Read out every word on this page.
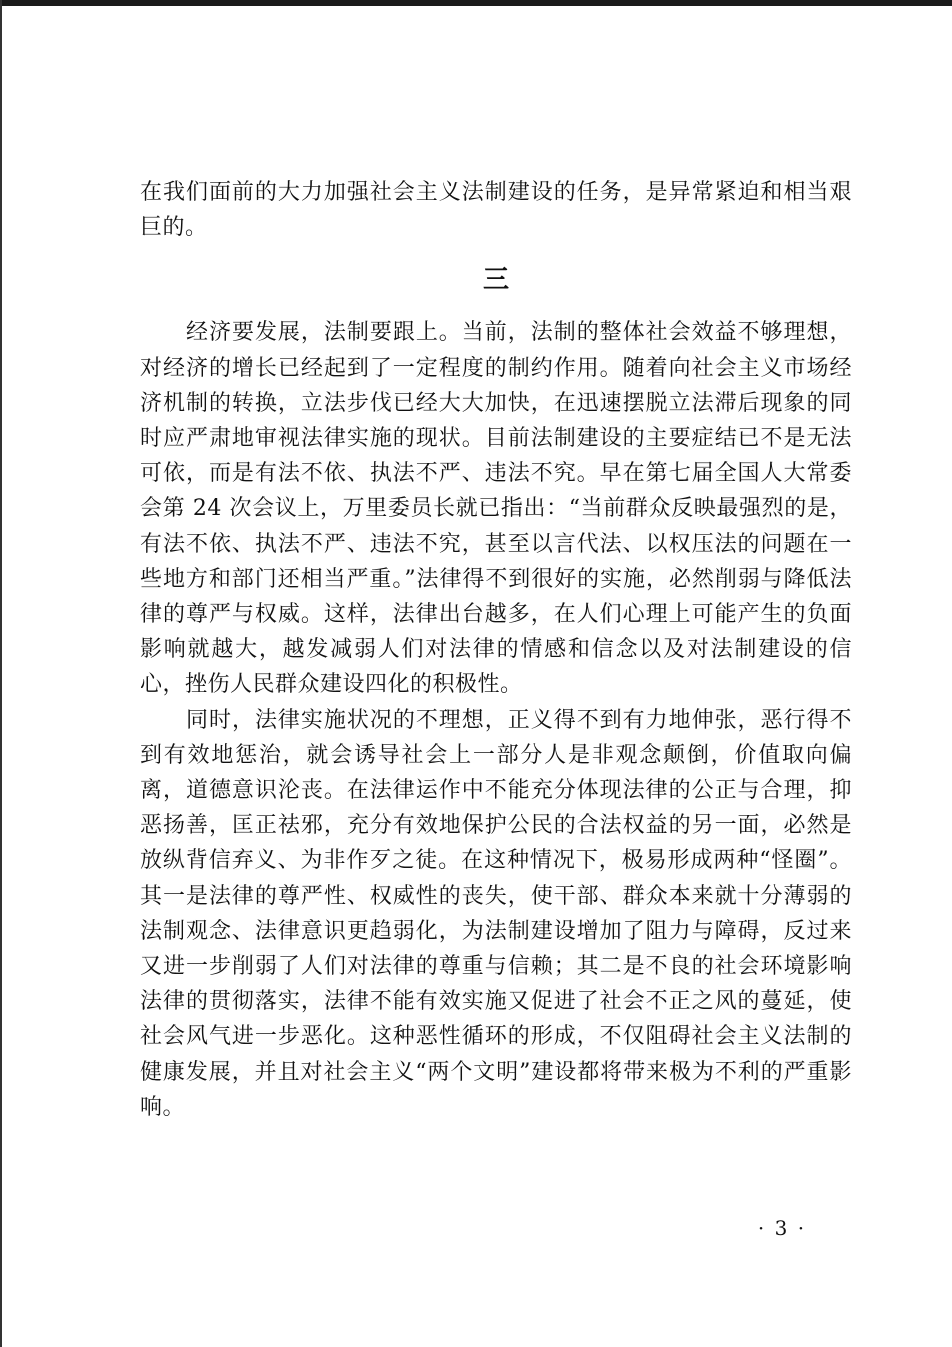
在我们面前的大力加强社会主义法制建设的任务，是异常紧迫和相当艰巨的。

三

经济要发展，法制要跟上。当前，法制的整体社会效益不够理想，对经济的增长已经起到了一定程度的制约作用。随着向社会主义市场经济机制的转换，立法步伐已经大大加快，在迅速摆脱立法滞后现象的同时应严肃地审视法律实施的现状。目前法制建设的主要症结已不是无法可依，而是有法不依、执法不严、违法不究。早在第七届全国人大常委会第 24 次会议上，万里委员长就已指出：“当前群众反映最强烈的是，有法不依、执法不严、违法不究，甚至以言代法、以权压法的问题在一些地方和部门还相当严重。”法律得不到很好的实施，必然削弱与降低法律的尊严与权威。这样，法律出台越多，在人们心理上可能产生的负面影响就越大，越发减弱人们对法律的情感和信念以及对法制建设的信心，挫伤人民群众建设四化的积极性。

同时，法律实施状况的不理想，正义得不到有力地伸张，恶行得不到有效地惩治，就会诱导社会上一部分人是非观念颠倒，价值取向偏离，道德意识沦丧。在法律运作中不能充分体现法律的公正与合理，抑恶扬善，匡正祛邪，充分有效地保护公民的合法权益的另一面，必然是放纵背信弃义、为非作歹之徒。在这种情况下，极易形成两种“怪圈”。其一是法律的尊严性、权威性的丧失，使干部、群众本来就十分薄弱的法制观念、法律意识更趋弱化，为法制建设增加了阻力与障碍，反过来又进一步削弱了人们对法律的尊重与信赖；其二是不良的社会环境影响法律的贯彻落实，法律不能有效实施又促进了社会不正之风的蔓延，使社会风气进一步恶化。这种恶性循环的形成，不仅阻碍社会主义法制的健康发展，并且对社会主义“两个文明”建设都将带来极为不利的严重影响。

· 3 ·
